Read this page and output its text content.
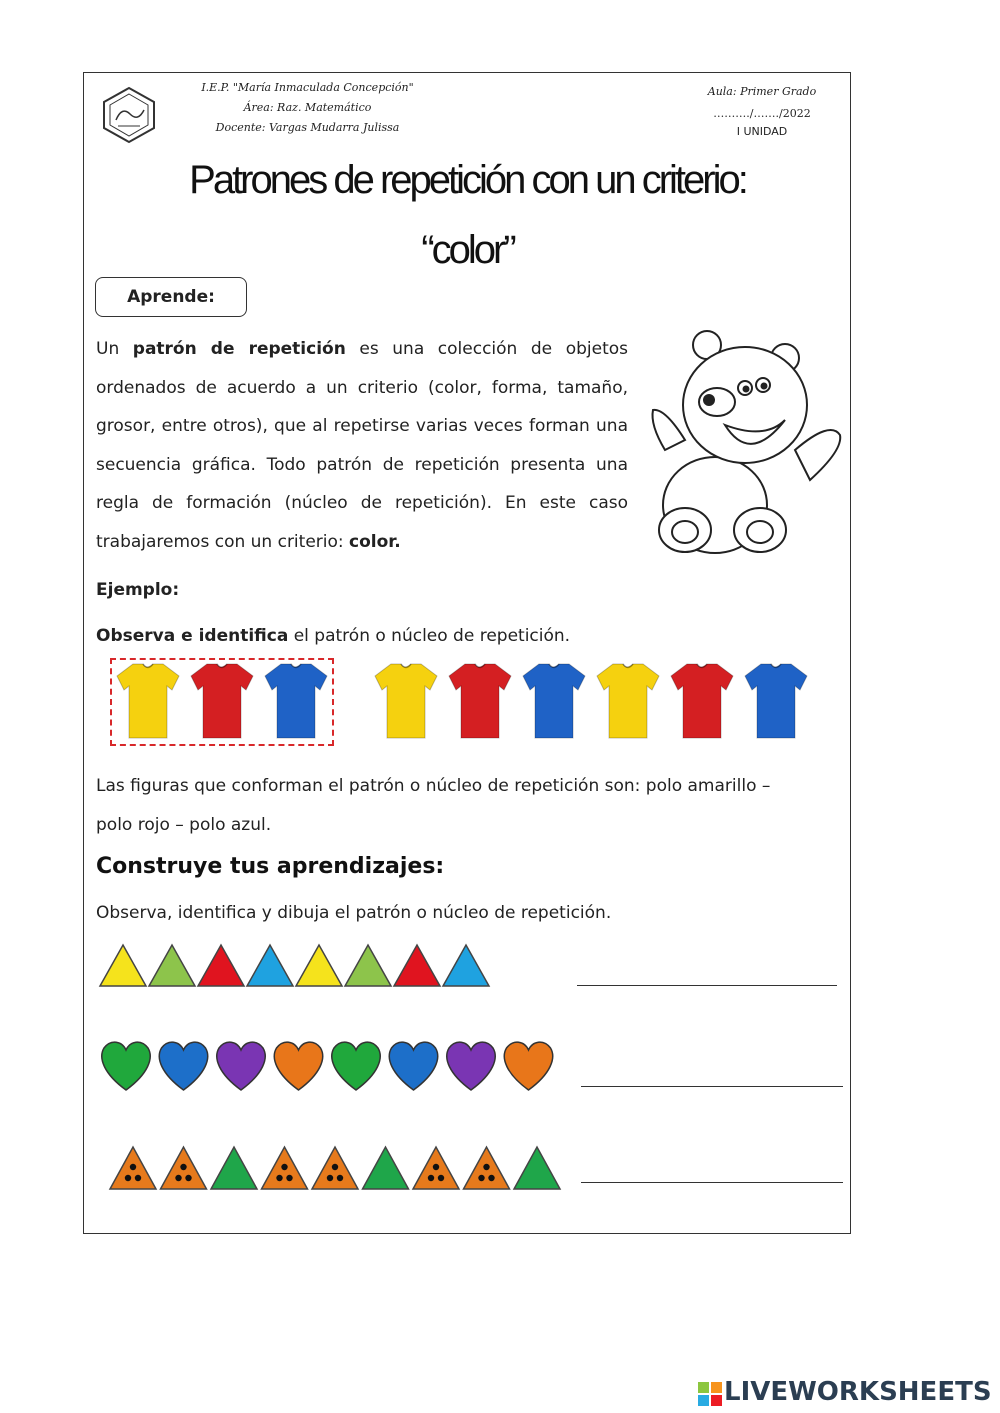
I.E.P. "María Inmaculada Concepción"
Área: Raz. Matemático
Docente: Vargas Mudarra Julissa
Aula: Primer Grado
………./……./2022
I UNIDAD
Patrones de repetición con un criterio:
“color”
Aprende:
Un patrón de repetición es una colección de objetos ordenados de acuerdo a un criterio (color, forma, tamaño, grosor, entre otros), que al repetirse varias veces forman una secuencia gráfica. Todo patrón de repetición presenta una regla de formación (núcleo de repetición). En este caso trabajaremos con un criterio: color.
Ejemplo:
Observa e identifica el patrón o núcleo de repetición.
Las figuras que conforman el patrón o núcleo de repetición son: polo amarillo –
polo rojo – polo azul.
Construye tus aprendizajes:
Observa, identifica y dibuja el patrón o núcleo de repetición.
LIVEWORKSHEETS
